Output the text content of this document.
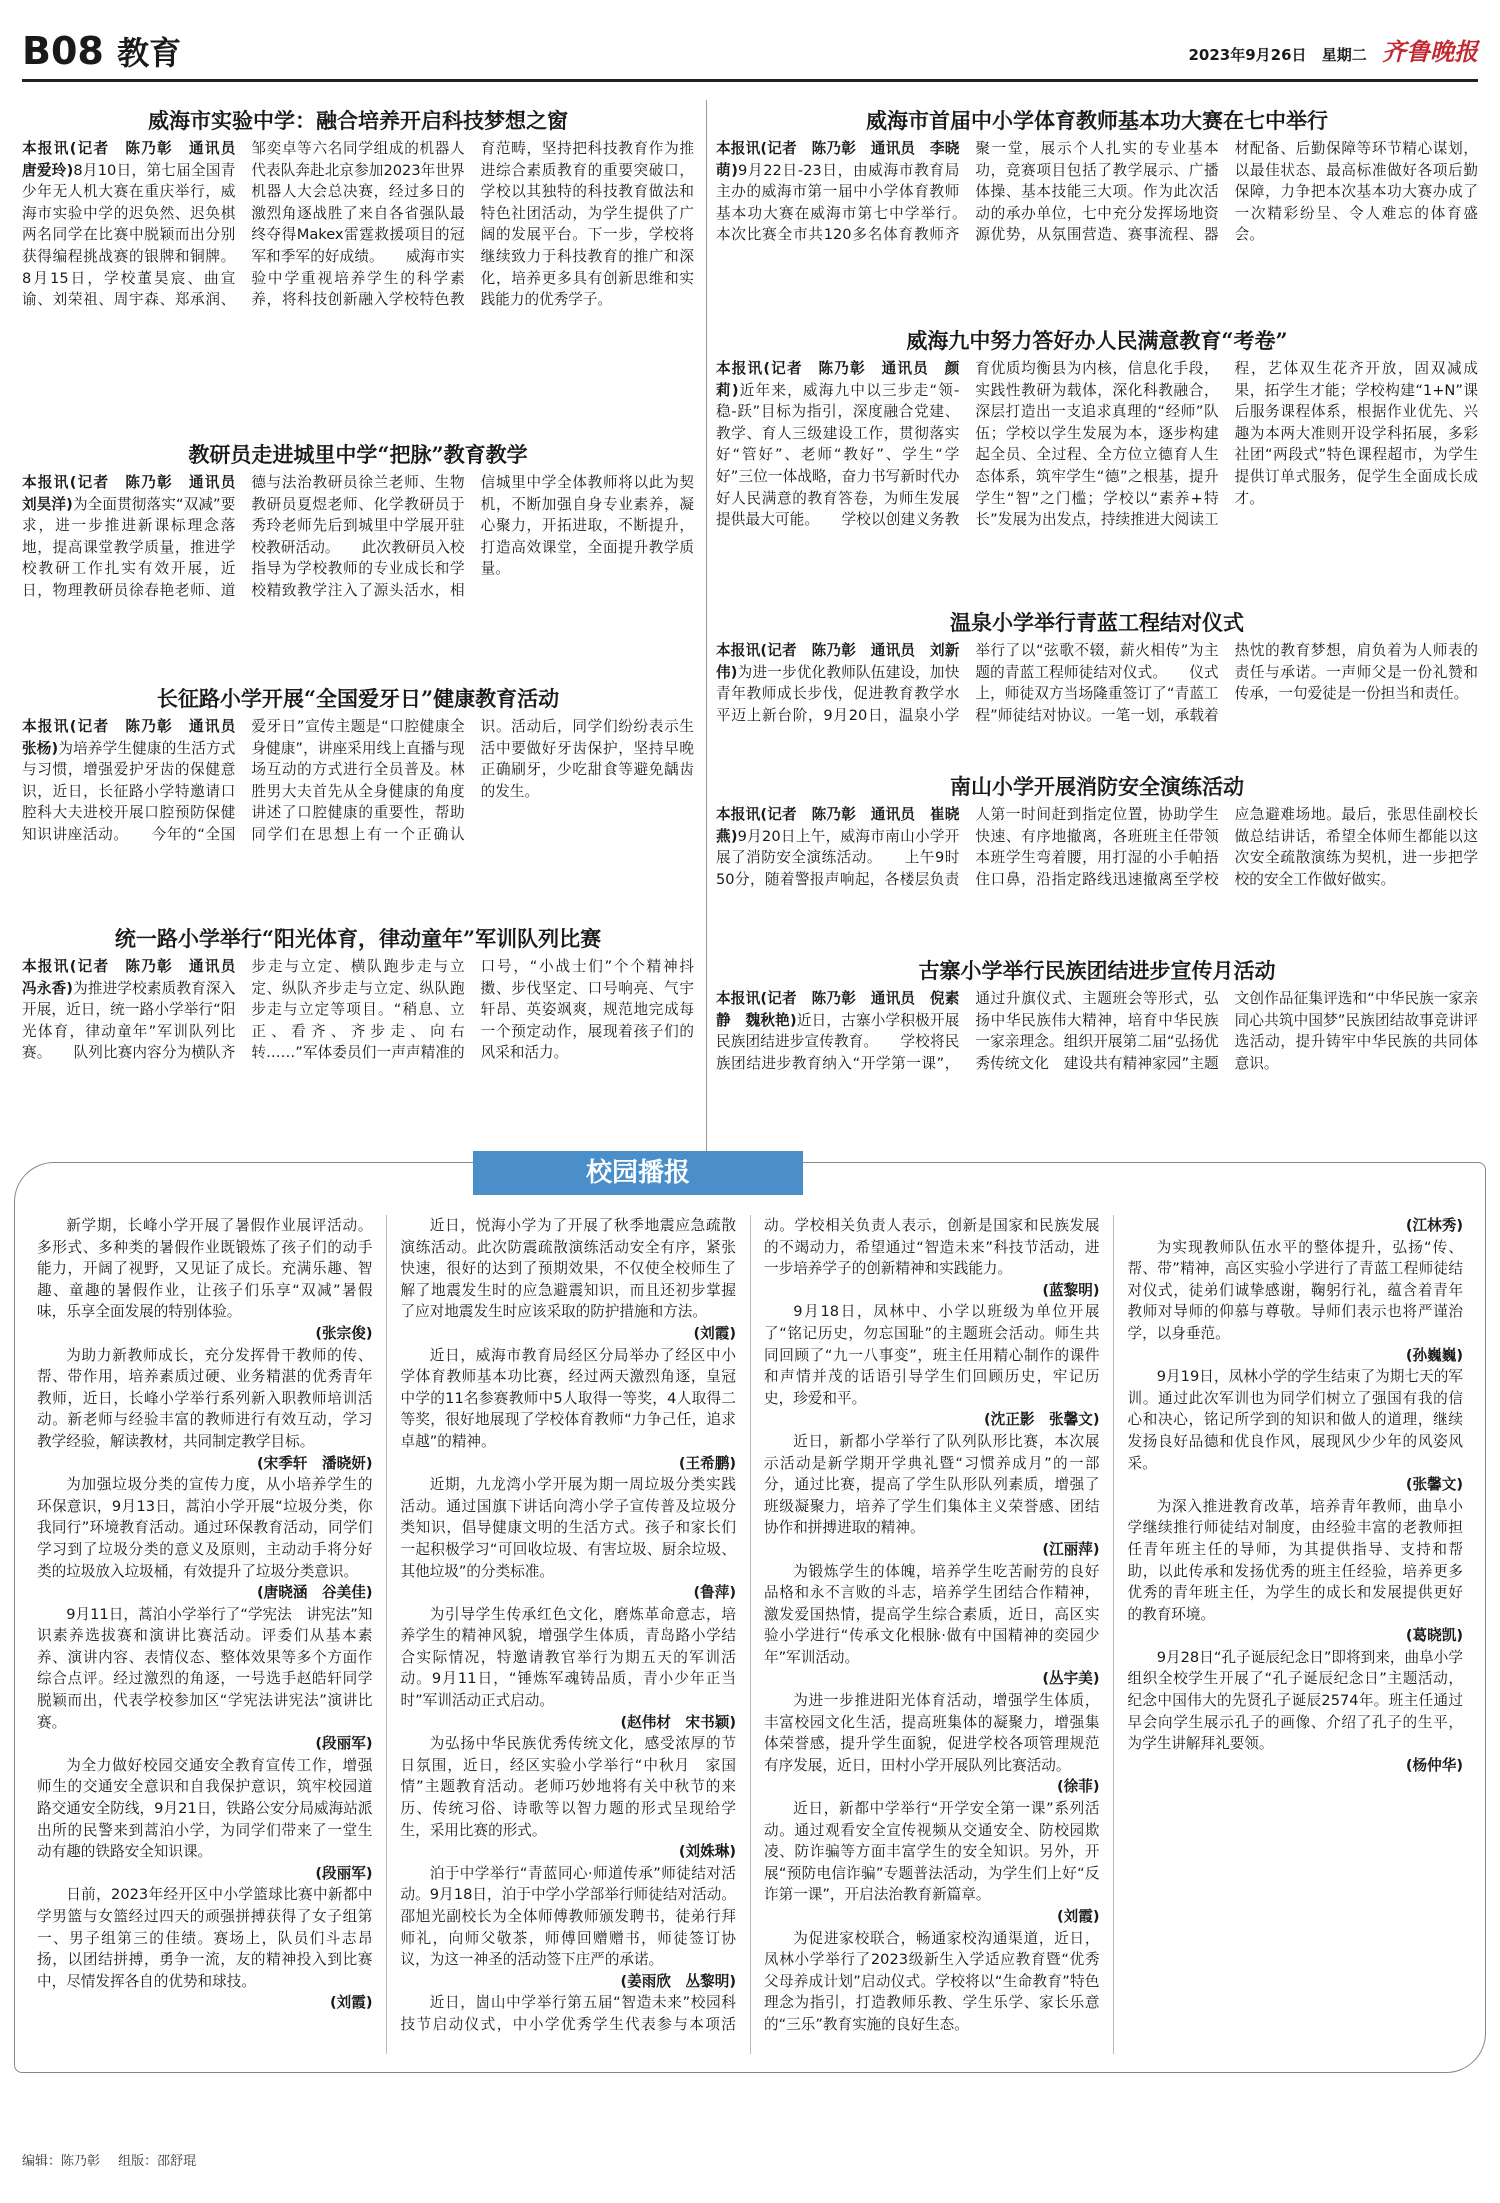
B08 教育	2023年9月26日 星期二 齐鲁晚报
威海市实验中学：融合培养开启科技梦想之窗
本报讯(记者　陈乃彰　通讯员　唐爱玲)8月10日，第七届全国青少年无人机大赛在重庆举行，威海市实验中学的迟奂然、迟奂棋两名同学在比赛中脱颖而出分别获得编程挑战赛的银牌和铜牌。8月15日，学校董昊宸、曲宣谕、刘荣祖、周宇森、郑承润、邹奕卓等六名同学组成的机器人代表队奔赴北京参加2023年世界机器人大会总决赛，经过多日的激烈角逐战胜了来自各省强队最终夺得Makex雷霆救援项目的冠军和季军的好成绩。　　威海市实验中学重视培养学生的科学素养，将科技创新融入学校特色教育范畴，坚持把科技教育作为推进综合素质教育的重要突破口，学校以其独特的科技教育做法和特色社团活动，为学生提供了广阔的发展平台。下一步，学校将继续致力于科技教育的推广和深化，培养更多具有创新思维和实践能力的优秀学子。
教研员走进城里中学“把脉”教育教学
本报讯(记者　陈乃彰　通讯员　刘昊洋)为全面贯彻落实“双减”要求，进一步推进新课标理念落地，提高课堂教学质量，推进学校教研工作扎实有效开展，近日，物理教研员徐春艳老师、道德与法治教研员徐兰老师、生物教研员夏煜老师、化学教研员于秀玲老师先后到城里中学展开驻校教研活动。　　此次教研员入校指导为学校教师的专业成长和学校精致教学注入了源头活水，相信城里中学全体教师将以此为契机，不断加强自身专业素养，凝心聚力，开拓进取，不断提升，打造高效课堂，全面提升教学质量。
长征路小学开展“全国爱牙日”健康教育活动
本报讯(记者　陈乃彰　通讯员　张杨)为培养学生健康的生活方式与习惯，增强爱护牙齿的保健意识，近日，长征路小学特邀请口腔科大夫进校开展口腔预防保健知识讲座活动。　　今年的“全国爱牙日”宣传主题是“口腔健康全身健康”，讲座采用线上直播与现场互动的方式进行全员普及。林胜男大夫首先从全身健康的角度讲述了口腔健康的重要性，帮助同学们在思想上有一个正确认识。活动后，同学们纷纷表示生活中要做好牙齿保护，坚持早晚正确刷牙，少吃甜食等避免龋齿的发生。
统一路小学举行“阳光体育，律动童年”军训队列比赛
本报讯(记者　陈乃彰　通讯员　冯永香)为推进学校素质教育深入开展，近日，统一路小学举行“阳光体育，律动童年”军训队列比赛。　　队列比赛内容分为横队齐步走与立定、横队跑步走与立定、纵队齐步走与立定、纵队跑步走与立定等项目。“稍息、立正、看齐、齐步走、向右转……”军体委员们一声声精准的口号，“小战士们”个个精神抖擞、步伐坚定、口号响亮、气宇轩昂、英姿飒爽，规范地完成每一个预定动作，展现着孩子们的风采和活力。
威海市首届中小学体育教师基本功大赛在七中举行
本报讯(记者　陈乃彰　通讯员　李晓萌)9月22日-23日，由威海市教育局主办的威海市第一届中小学体育教师基本功大赛在威海市第七中学举行。　　本次比赛全市共120多名体育教师齐聚一堂，展示个人扎实的专业基本功，竞赛项目包括了教学展示、广播体操、基本技能三大项。作为此次活动的承办单位，七中充分发挥场地资源优势，从氛围营造、赛事流程、器材配备、后勤保障等环节精心谋划，以最佳状态、最高标准做好各项后勤保障，力争把本次基本功大赛办成了一次精彩纷呈、令人难忘的体育盛会。
威海九中努力答好办人民满意教育“考卷”
本报讯(记者　陈乃彰　通讯员　颜莉)近年来，威海九中以三步走“领-稳-跃”目标为指引，深度融合党建、教学、育人三级建设工作，贯彻落实好“管好”、老师“教好”、学生“学好”三位一体战略，奋力书写新时代办好人民满意的教育答卷，为师生发展提供最大可能。　　学校以创建义务教育优质均衡县为内核，信息化手段，实践性教研为载体，深化科教融合，深层打造出一支追求真理的“经师”队伍；学校以学生发展为本，逐步构建起全员、全过程、全方位立德育人生态体系，筑牢学生“德”之根基，提升学生“智”之门槛；学校以“素养+特长”发展为出发点，持续推进大阅读工程，艺体双生花齐开放，固双减成果，拓学生才能；学校构建“1+N”课后服务课程体系，根据作业优先、兴趣为本两大准则开设学科拓展，多彩社团“两段式”特色课程超市，为学生提供订单式服务，促学生全面成长成才。
温泉小学举行青蓝工程结对仪式
本报讯(记者　陈乃彰　通讯员　刘新伟)为进一步优化教师队伍建设，加快青年教师成长步伐，促进教育教学水平迈上新台阶，9月20日，温泉小学举行了以“弦歌不辍，薪火相传”为主题的青蓝工程师徒结对仪式。　　仪式上，师徒双方当场隆重签订了“青蓝工程”师徒结对协议。一笔一划，承载着热忱的教育梦想，肩负着为人师表的责任与承诺。一声师父是一份礼赞和传承，一句爱徒是一份担当和责任。
南山小学开展消防安全演练活动
本报讯(记者　陈乃彰　通讯员　崔晓燕)9月20日上午，威海市南山小学开展了消防安全演练活动。　　上午9时50分，随着警报声响起，各楼层负责人第一时间赶到指定位置，协助学生快速、有序地撤离，各班班主任带领本班学生弯着腰，用打湿的小手帕捂住口鼻，沿指定路线迅速撤离至学校应急避难场地。最后，张思佳副校长做总结讲话，希望全体师生都能以这次安全疏散演练为契机，进一步把学校的安全工作做好做实。
古寨小学举行民族团结进步宣传月活动
本报讯(记者　陈乃彰　通讯员　倪素静　魏秋艳)近日，古寨小学积极开展民族团结进步宣传教育。　　学校将民族团结进步教育纳入“开学第一课”，通过升旗仪式、主题班会等形式，弘扬中华民族伟大精神，培育中华民族一家亲理念。组织开展第二届“弘扬优秀传统文化　建设共有精神家园”主题文创作品征集评选和“中华民族一家亲　同心共筑中国梦”民族团结故事竞讲评选活动，提升铸牢中华民族的共同体意识。
校园播报

新学期，长峰小学开展了暑假作业展评活动。多形式、多种类的暑假作业既锻炼了孩子们的动手能力，开阔了视野，又见证了成长。充满乐趣、智趣、童趣的暑假作业，让孩子们乐享“双减”暑假味，乐享全面发展的特别体验。

(张宗俊)

为助力新教师成长，充分发挥骨干教师的传、帮、带作用，培养素质过硬、业务精湛的优秀青年教师，近日，长峰小学举行系列新入职教师培训活动。新老师与经验丰富的教师进行有效互动，学习教学经验，解读教材，共同制定教学目标。

(宋季轩　潘晓妍)

为加强垃圾分类的宣传力度，从小培养学生的环保意识，9月13日，蒿泊小学开展“垃圾分类，你我同行”环境教育活动。通过环保教育活动，同学们学习到了垃圾分类的意义及原则，主动动手将分好类的垃圾放入垃圾桶，有效提升了垃圾分类意识。

(唐晓涵　谷美佳)

9月11日，蒿泊小学举行了“学宪法　讲宪法”知识素养选拔赛和演讲比赛活动。评委们从基本素养、演讲内容、表情仪态、整体效果等多个方面作综合点评。经过激烈的角逐，一号选手赵皓轩同学脱颖而出，代表学校参加区“学宪法讲宪法”演讲比赛。

(段丽军)

为全力做好校园交通安全教育宣传工作，增强师生的交通安全意识和自我保护意识，筑牢校园道路交通安全防线，9月21日，铁路公安分局威海站派出所的民警来到蒿泊小学，为同学们带来了一堂生动有趣的铁路安全知识课。

(段丽军)

日前，2023年经开区中小学篮球比赛中新都中学男篮与女篮经过四天的顽强拼搏获得了女子组第一、男子组第三的佳绩。赛场上，队员们斗志昂扬，以团结拼搏，勇争一流，友的精神投入到比赛中，尽情发挥各自的优势和球技。

(刘霞)

近日，悦海小学为了开展了秋季地震应急疏散演练活动。此次防震疏散演练活动安全有序，紧张快速，很好的达到了预期效果，不仅使全校师生了解了地震发生时的应急避震知识，而且还初步掌握了应对地震发生时应该采取的防护措施和方法。

(刘霞)

近日，威海市教育局经区分局举办了经区中小学体育教师基本功比赛，经过两天激烈角逐，皇冠中学的11名参赛教师中5人取得一等奖，4人取得二等奖，很好地展现了学校体育教师“力争己任，追求卓越”的精神。

(王希鹏)

近期，九龙湾小学开展为期一周垃圾分类实践活动。通过国旗下讲话向湾小学子宣传普及垃圾分类知识，倡导健康文明的生活方式。孩子和家长们一起积极学习“可回收垃圾、有害垃圾、厨余垃圾、其他垃圾”的分类标准。

(鲁萍)

为引导学生传承红色文化，磨炼革命意志，培养学生的精神风貌，增强学生体质，青岛路小学结合实际情况，特邀请教官举行为期五天的军训活动。9月11日，“锤炼军魂铸品质，青小少年正当时”军训活动正式启动。

(赵伟材　宋书颖)

为弘扬中华民族优秀传统文化，感受浓厚的节日氛围，近日，经区实验小学举行“中秋月　家国情”主题教育活动。老师巧妙地将有关中秋节的来历、传统习俗、诗歌等以智力题的形式呈现给学生，采用比赛的形式。

(刘姝琳)

泊于中学举行“青蓝同心·师道传承”师徒结对活动。9月18日，泊于中学小学部举行师徒结对活动。邵旭光副校长为全体师傅教师颁发聘书，徒弟行拜师礼，向师父敬茶，师傅回赠赠书，师徒签订协议，为这一神圣的活动签下庄严的承诺。

(姜雨欣　丛黎明)

近日，崮山中学举行第五届“智造未来”校园科技节启动仪式，中小学优秀学生代表参与本项活动。学校相关负责人表示，创新是国家和民族发展的不竭动力，希望通过“智造未来”科技节活动，进一步培养学子的创新精神和实践能力。

(蓝黎明)

9月18日，凤林中、小学以班级为单位开展了“铭记历史，勿忘国耻”的主题班会活动。师生共同回顾了“九一八事变”，班主任用精心制作的课件和声情并茂的话语引导学生们回顾历史，牢记历史，珍爱和平。

(沈正影　张馨文)

近日，新都小学举行了队列队形比赛，本次展示活动是新学期开学典礼暨“习惯养成月”的一部分，通过比赛，提高了学生队形队列素质，增强了班级凝聚力，培养了学生们集体主义荣誉感、团结协作和拼搏进取的精神。

(江丽萍)

为锻炼学生的体魄，培养学生吃苦耐劳的良好品格和永不言败的斗志，培养学生团结合作精神，激发爱国热情，提高学生综合素质，近日，高区实验小学进行“传承文化根脉·做有中国精神的奕园少年”军训活动。

(丛宇美)

为进一步推进阳光体育活动，增强学生体质，丰富校园文化生活，提高班集体的凝聚力，增强集体荣誉感，提升学生面貌，促进学校各项管理规范有序发展，近日，田村小学开展队列比赛活动。

(徐菲)

近日，新都中学举行“开学安全第一课”系列活动。通过观看安全宣传视频从交通安全、防校园欺凌、防诈骗等方面丰富学生的安全知识。另外，开展“预防电信诈骗”专题普法活动，为学生们上好“反诈第一课”，开启法治教育新篇章。

(刘霞)

为促进家校联合，畅通家校沟通渠道，近日，凤林小学举行了2023级新生入学适应教育暨“优秀父母养成计划”启动仪式。学校将以“生命教育”特色理念为指引，打造教师乐教、学生乐学、家长乐意的“三乐”教育实施的良好生态。

(江林秀)

为实现教师队伍水平的整体提升，弘扬“传、帮、带”精神，高区实验小学进行了青蓝工程师徒结对仪式，徒弟们诚挚感谢，鞠躬行礼，蕴含着青年教师对导师的仰慕与尊敬。导师们表示也将严谨治学，以身垂范。

(孙巍巍)

9月19日，凤林小学的学生结束了为期七天的军训。通过此次军训也为同学们树立了强国有我的信心和决心，铭记所学到的知识和做人的道理，继续发扬良好品德和优良作风，展现风少少年的风姿风采。

(张馨文)

为深入推进教育改革，培养青年教师，曲阜小学继续推行师徒结对制度，由经验丰富的老教师担任青年班主任的导师，为其提供指导、支持和帮助，以此传承和发扬优秀的班主任经验，培养更多优秀的青年班主任，为学生的成长和发展提供更好的教育环境。

(葛晓凯)

9月28日“孔子诞辰纪念日”即将到来，曲阜小学组织全校学生开展了“孔子诞辰纪念日”主题活动，纪念中国伟大的先贤孔子诞辰2574年。班主任通过早会向学生展示孔子的画像、介绍了孔子的生平，为学生讲解拜礼要领。

(杨仲华)

编辑：陈乃彰 组版：邵舒琨
